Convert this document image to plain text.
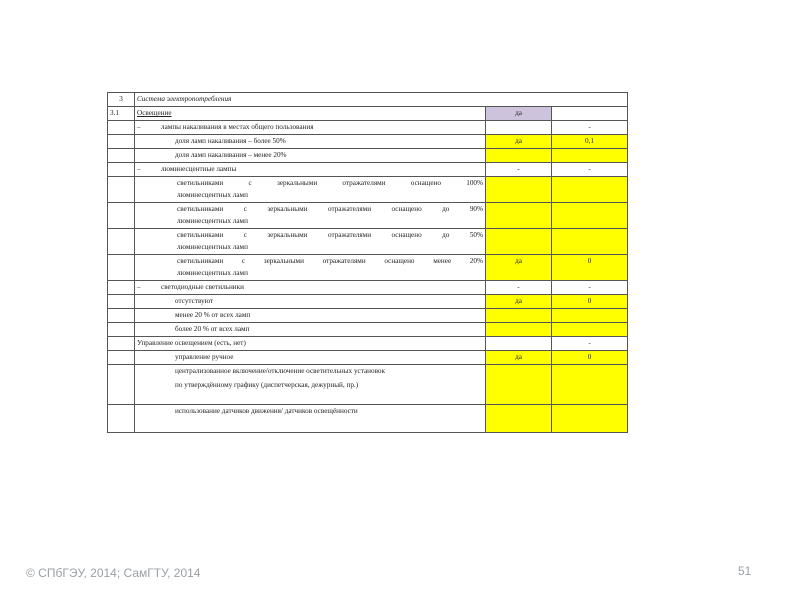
3	Система электропотребления		
3.1	Освещение	да	
	– лампы накаливания в местах общего пользования		-
	доля ламп накаливания – более 50%	да	0,1
	доля ламп накаливания – менее 20%		
	– люминесцентные лампы	-	-

	светильниками с зеркальными отражателями оснащено 100%
люминесцентных ламп		

	светильниками с зеркальными отражателями оснащено до 90%
люминесцентных ламп		

	светильниками с зеркальными отражателями оснащено до 50%
люминесцентных ламп		

	светильниками с зеркальными отражателями оснащено менее 20%
люминесцентных ламп	да	0
	– светодиодные светильники	-	-
	отсутствуют	да	0
	менее 20 % от всех ламп		
	более 20 % от всех ламп		
	Управление освещением (есть, нет)		-
	управление ручное	да	0

	централизованное включение/отключение осветительных установок
по утверждённому графику (диспетчерская, дежурный, пр.)		

	использование датчиков движения/ датчиков освещённости		
© СПбГЭУ, 2014; СамГТУ, 2014	51
